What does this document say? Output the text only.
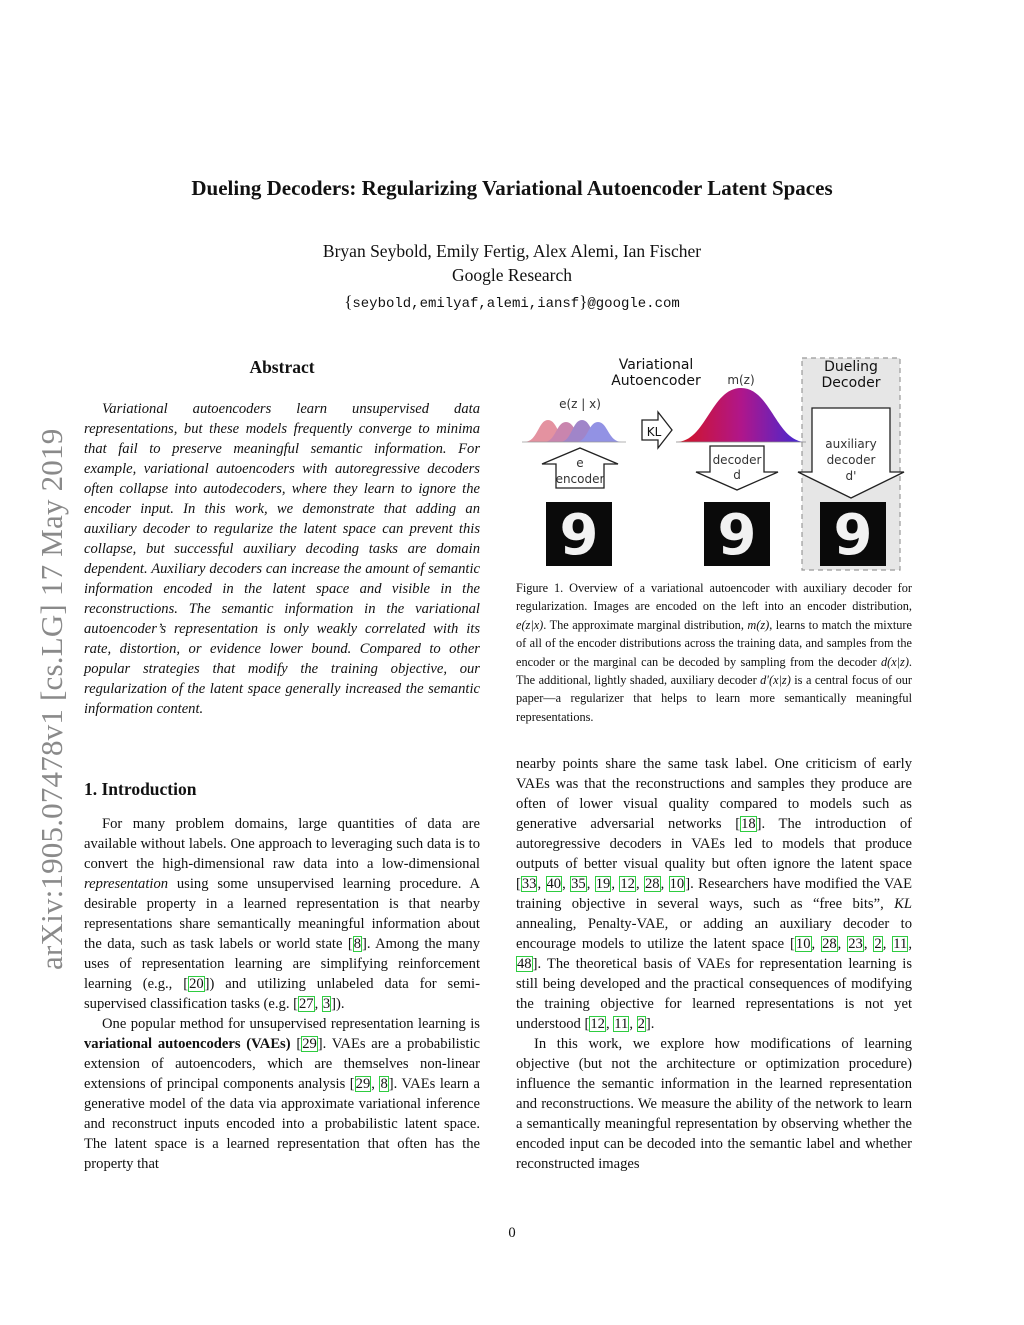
arXiv:1905.07478v1 [cs.LG] 17 May 2019
Dueling Decoders: Regularizing Variational Autoencoder Latent Spaces
Bryan Seybold, Emily Fertig, Alex Alemi, Ian Fischer
Google Research
{seybold,emilyaf,alemi,iansf}@google.com
Abstract
Variational autoencoders learn unsupervised data representations, but these models frequently converge to minima that fail to preserve meaningful semantic information. For example, variational autoencoders with autoregressive decoders often collapse into autodecoders, where they learn to ignore the encoder input. In this work, we demonstrate that adding an auxiliary decoder to regularize the latent space can prevent this collapse, but successful auxiliary decoding tasks are domain dependent. Auxiliary decoders can increase the amount of semantic information encoded in the latent space and visible in the reconstructions. The semantic information in the variational autoencoder’s representation is only weakly correlated with its rate, distortion, or evidence lower bound. Compared to other popular strategies that modify the training objective, our regularization of the latent space generally increased the semantic information content.
1. Introduction

For many problem domains, large quantities of data are available without labels. One approach to leveraging such data is to convert the high-dimensional raw data into a low-dimensional representation using some unsupervised learning procedure. A desirable property in a learned representation is that nearby representations share semantically meaningful information about the data, such as task labels or world state [8]. Among the many uses of representation learning are simplifying reinforcement learning (e.g., [20]) and utilizing unlabeled data for semi-supervised classification tasks (e.g. [27, 3]).

One popular method for unsupervised representation learning is variational autoencoders (VAEs) [29]. VAEs are a probabilistic extension of autoencoders, which are themselves non-linear extensions of principal components analysis [29, 8]. VAEs learn a generative model of the data via approximate variational inference and reconstruct inputs encoded into a probabilistic latent space. The latent space is a learned representation that often has the property that

Dueling
Decoder
Variational
Autoencoder m(z)
e(z | x)
KL
e
encoder
decoder
d
auxiliary
decoder
d'
9 9 9
Figure 1. Overview of a variational autoencoder with auxiliary decoder for regularization. Images are encoded on the left into an encoder distribution, e(z|x). The approximate marginal distribution, m(z), learns to match the mixture of all of the encoder distributions across the training data, and samples from the encoder or the marginal can be decoded by sampling from the decoder d(x|z). The additional, lightly shaded, auxiliary decoder d′(x|z) is a central focus of our paper—a regularizer that helps to learn more semantically meaningful representations.

nearby points share the same task label. One criticism of early VAEs was that the reconstructions and samples they produce are often of lower visual quality compared to models such as generative adversarial networks [18]. The introduction of autoregressive decoders in VAEs led to models that produce outputs of better visual quality but often ignore the latent space [33, 40, 35, 19, 12, 28, 10]. Researchers have modified the VAE training objective in several ways, such as “free bits”, KL annealing, Penalty-VAE, or adding an auxiliary decoder to encourage models to utilize the latent space [10, 28, 23, 2, 11, 48]. The theoretical basis of VAEs for representation learning is still being developed and the practical consequences of modifying the training objective for learned representations is not yet understood [12, 11, 2].

In this work, we explore how modifications of learning objective (but not the architecture or optimization procedure) influence the semantic information in the learned representation and reconstructions. We measure the ability of the network to learn a semantically meaningful representation by observing whether the encoded input can be decoded into the semantic label and whether reconstructed images

0
